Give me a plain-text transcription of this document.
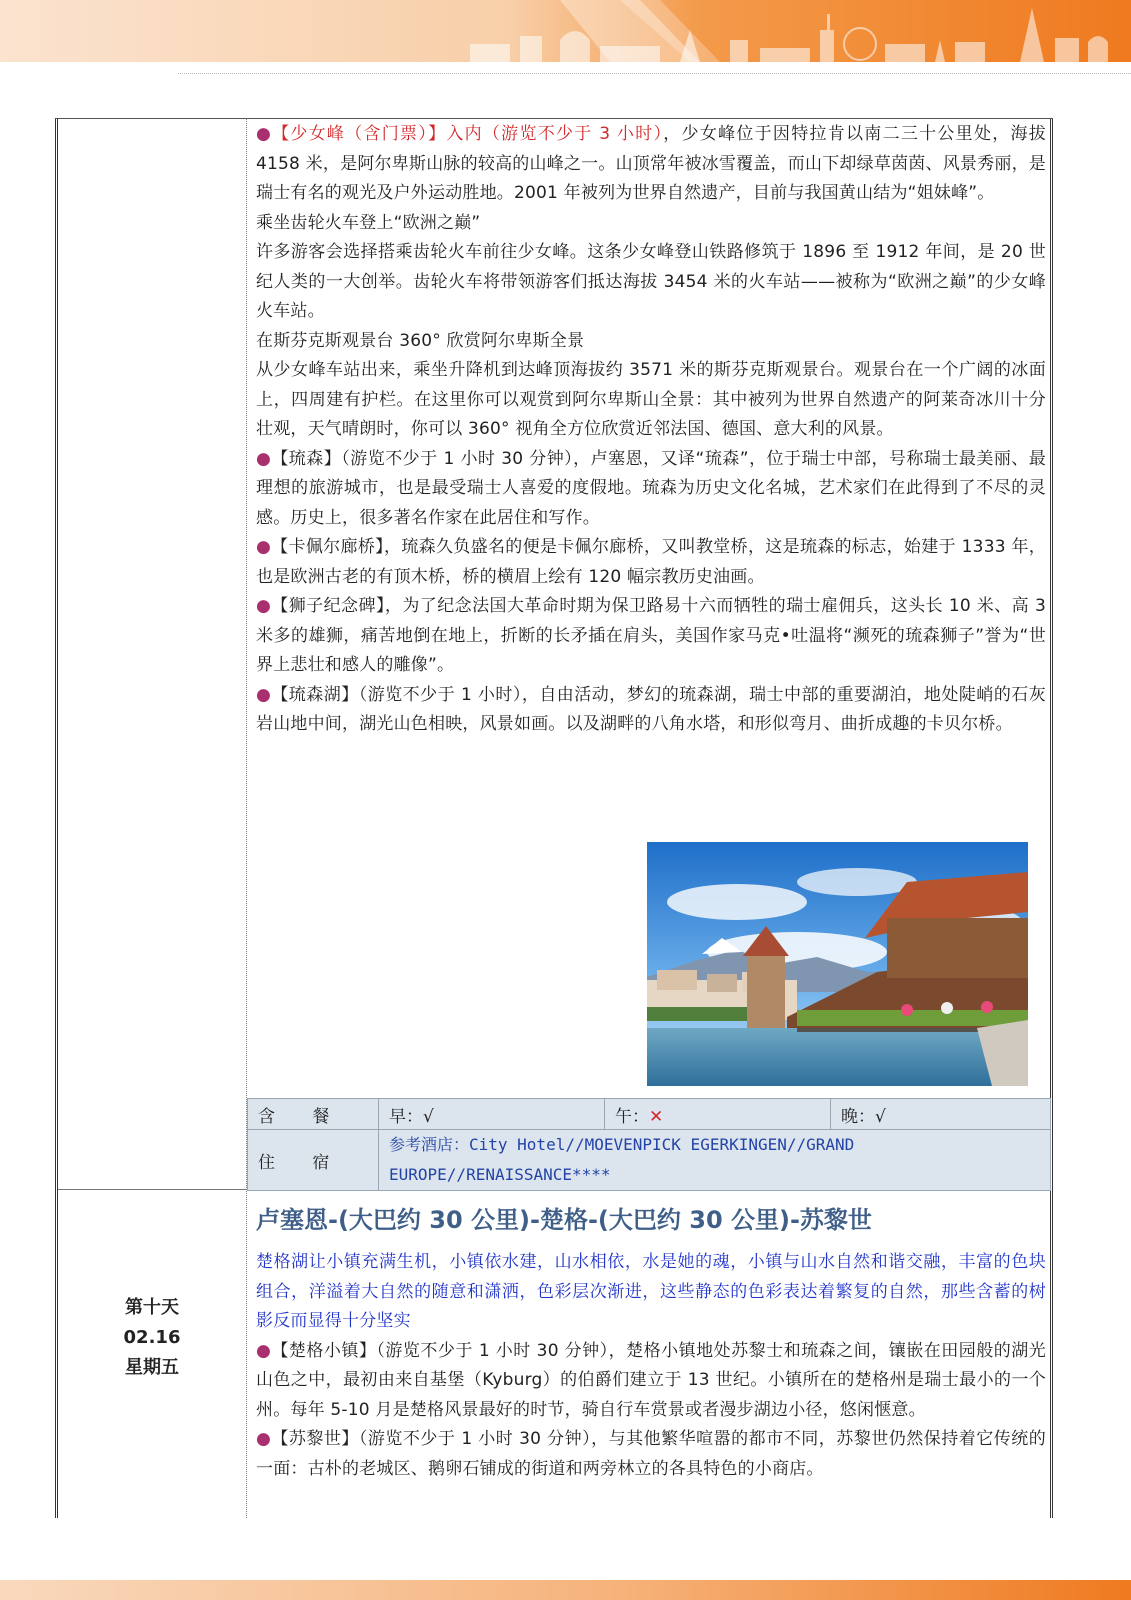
●【少女峰（含门票）】入内（游览不少于 3 小时），少女峰位于因特拉肯以南二三十公里处，海拔 4158 米，是阿尔卑斯山脉的较高的山峰之一。山顶常年被冰雪覆盖，而山下却绿草茵茵、风景秀丽，是瑞士有名的观光及户外运动胜地。2001 年被列为世界自然遗产，目前与我国黄山结为“姐妹峰”。

乘坐齿轮火车登上“欧洲之巅”

许多游客会选择搭乘齿轮火车前往少女峰。这条少女峰登山铁路修筑于 1896 至 1912 年间，是 20 世纪人类的一大创举。齿轮火车将带领游客们抵达海拔 3454 米的火车站——被称为“欧洲之巅”的少女峰火车站。

在斯芬克斯观景台 360° 欣赏阿尔卑斯全景

从少女峰车站出来，乘坐升降机到达峰顶海拔约 3571 米的斯芬克斯观景台。观景台在一个广阔的冰面上，四周建有护栏。在这里你可以观赏到阿尔卑斯山全景：其中被列为世界自然遗产的阿莱奇冰川十分壮观，天气晴朗时，你可以 360° 视角全方位欣赏近邻法国、德国、意大利的风景。

●【琉森】（游览不少于 1 小时 30 分钟），卢塞恩，又译“琉森”，位于瑞士中部，号称瑞士最美丽、最理想的旅游城市，也是最受瑞士人喜爱的度假地。琉森为历史文化名城，艺术家们在此得到了不尽的灵感。历史上，很多著名作家在此居住和写作。

●【卡佩尔廊桥】，琉森久负盛名的便是卡佩尔廊桥，又叫教堂桥，这是琉森的标志，始建于 1333 年，也是欧洲古老的有顶木桥，桥的横眉上绘有 120 幅宗教历史油画。

●【狮子纪念碑】，为了纪念法国大革命时期为保卫路易十六而牺牲的瑞士雇佣兵，这头长 10 米、高 3 米多的雄狮，痛苦地倒在地上，折断的长矛插在肩头，美国作家马克•吐温将“濒死的琉森狮子”誉为“世界上悲壮和感人的雕像”。

●【琉森湖】（游览不少于 1 小时），自由活动，梦幻的琉森湖，瑞士中部的重要湖泊，地处陡峭的石灰岩山地中间，湖光山色相映，风景如画。以及湖畔的八角水塔，和形似弯月、曲折成趣的卡贝尔桥。

含 餐	早：√	午：✕	晚：√
住 宿	参考酒店：City Hotel//MOEVENPICK EGERKINGEN//GRAND EUROPE//RENAISSANCE****		
第十天
02.16
星期五
卢塞恩-(大巴约 30 公里)-楚格-(大巴约 30 公里)-苏黎世

楚格湖让小镇充满生机，小镇依水建，山水相依，水是她的魂，小镇与山水自然和谐交融，丰富的色块组合，洋溢着大自然的随意和潇洒，色彩层次渐进，这些静态的色彩表达着繁复的自然，那些含蓄的树影反而显得十分坚实

●【楚格小镇】（游览不少于 1 小时 30 分钟），楚格小镇地处苏黎士和琉森之间，镶嵌在田园般的湖光山色之中，最初由来自基堡（Kyburg）的伯爵们建立于 13 世纪。小镇所在的楚格州是瑞士最小的一个州。每年 5-10 月是楚格风景最好的时节，骑自行车赏景或者漫步湖边小径，悠闲惬意。

●【苏黎世】（游览不少于 1 小时 30 分钟），与其他繁华喧嚣的都市不同，苏黎世仍然保持着它传统的一面：古朴的老城区、鹅卵石铺成的街道和两旁林立的各具特色的小商店。
